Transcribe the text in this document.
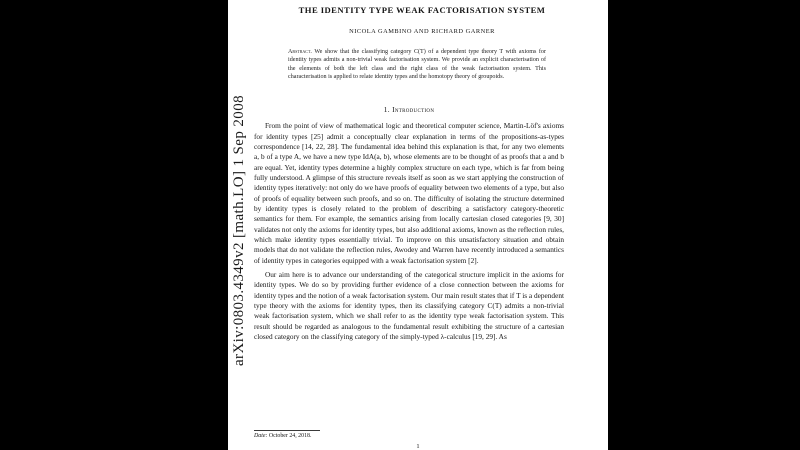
arXiv:0803.4349v2 [math.LO] 1 Sep 2008
THE IDENTITY TYPE WEAK FACTORISATION SYSTEM
NICOLA GAMBINO AND RICHARD GARNER
Abstract. We show that the classifying category C(T) of a dependent type theory T with axioms for identity types admits a non-trivial weak factorisation system. We provide an explicit characterisation of the elements of both the left class and the right class of the weak factorisation system. This characterisation is applied to relate identity types and the homotopy theory of groupoids.
1. Introduction

From the point of view of mathematical logic and theoretical computer science, Martin-Löf's axioms for identity types [25] admit a conceptually clear explanation in terms of the propositions-as-types correspondence [14, 22, 28]. The fundamental idea behind this explanation is that, for any two elements a, b of a type A, we have a new type IdA(a, b), whose elements are to be thought of as proofs that a and b are equal. Yet, identity types determine a highly complex structure on each type, which is far from being fully understood. A glimpse of this structure reveals itself as soon as we start applying the construction of identity types iteratively: not only do we have proofs of equality between two elements of a type, but also of proofs of equality between such proofs, and so on. The difficulty of isolating the structure determined by identity types is closely related to the problem of describing a satisfactory category-theoretic semantics for them. For example, the semantics arising from locally cartesian closed categories [9, 30] validates not only the axioms for identity types, but also additional axioms, known as the reflection rules, which make identity types essentially trivial. To improve on this unsatisfactory situation and obtain models that do not validate the reflection rules, Awodey and Warren have recently introduced a semantics of identity types in categories equipped with a weak factorisation system [2].

Our aim here is to advance our understanding of the categorical structure implicit in the axioms for identity types. We do so by providing further evidence of a close connection between the axioms for identity types and the notion of a weak factorisation system. Our main result states that if T is a dependent type theory with the axioms for identity types, then its classifying category C(T) admits a non-trivial weak factorisation system, which we shall refer to as the identity type weak factorisation system. This result should be regarded as analogous to the fundamental result exhibiting the structure of a cartesian closed category on the classifying category of the simply-typed λ-calculus [19, 29]. As

Date: October 24, 2018.
1
